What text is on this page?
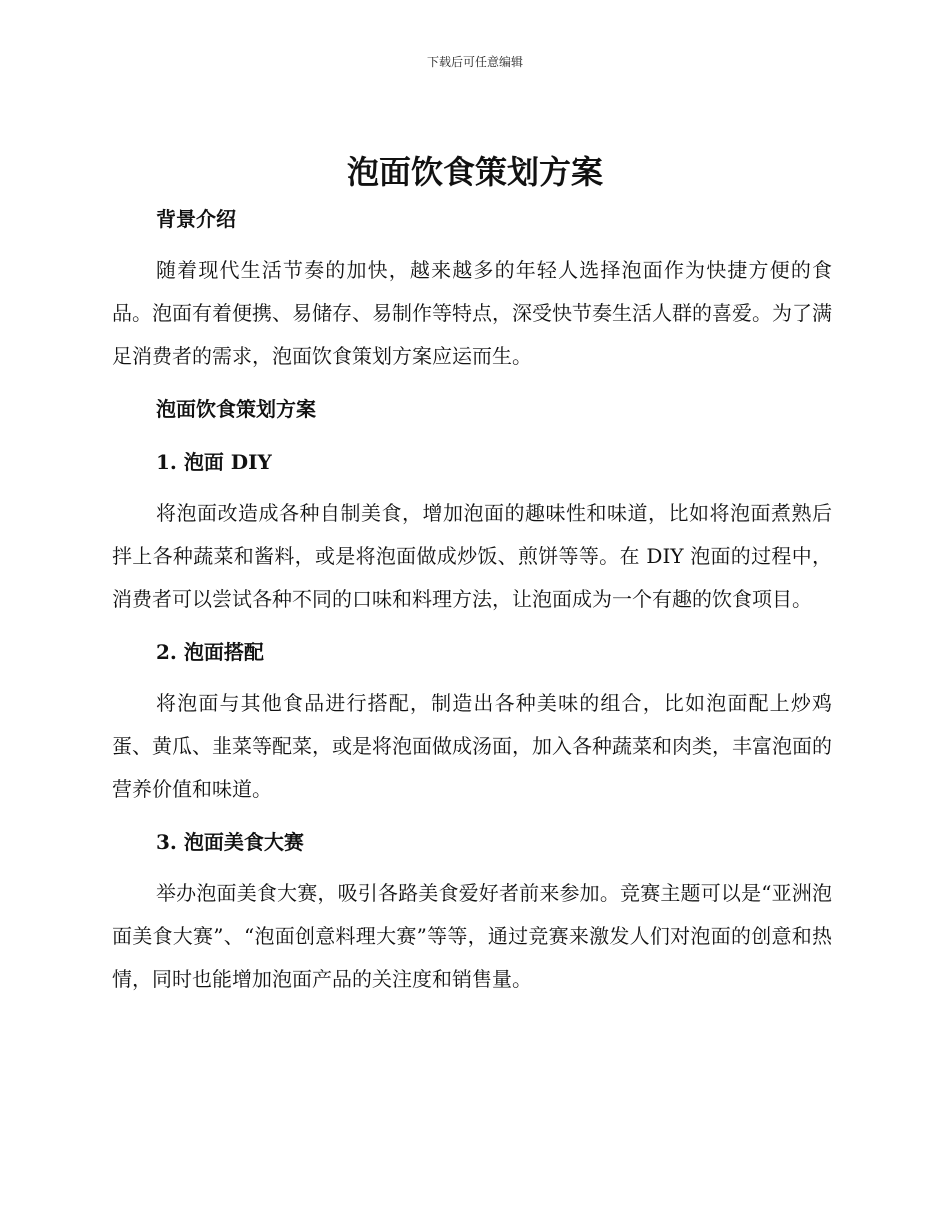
下载后可任意编辑
泡面饮食策划方案

背景介绍

随着现代生活节奏的加快，越来越多的年轻人选择泡面作为快捷方便的食品。泡面有着便携、易储存、易制作等特点，深受快节奏生活人群的喜爱。为了满足消费者的需求，泡面饮食策划方案应运而生。

泡面饮食策划方案

1. 泡面 DIY

将泡面改造成各种自制美食，增加泡面的趣味性和味道，比如将泡面煮熟后拌上各种蔬菜和酱料，或是将泡面做成炒饭、煎饼等等。在 DIY 泡面的过程中，消费者可以尝试各种不同的口味和料理方法，让泡面成为一个有趣的饮食项目。

2. 泡面搭配

将泡面与其他食品进行搭配，制造出各种美味的组合，比如泡面配上炒鸡蛋、黄瓜、韭菜等配菜，或是将泡面做成汤面，加入各种蔬菜和肉类，丰富泡面的营养价值和味道。

3. 泡面美食大赛

举办泡面美食大赛，吸引各路美食爱好者前来参加。竞赛主题可以是“亚洲泡面美食大赛”、“泡面创意料理大赛”等等，通过竞赛来激发人们对泡面的创意和热情，同时也能增加泡面产品的关注度和销售量。
